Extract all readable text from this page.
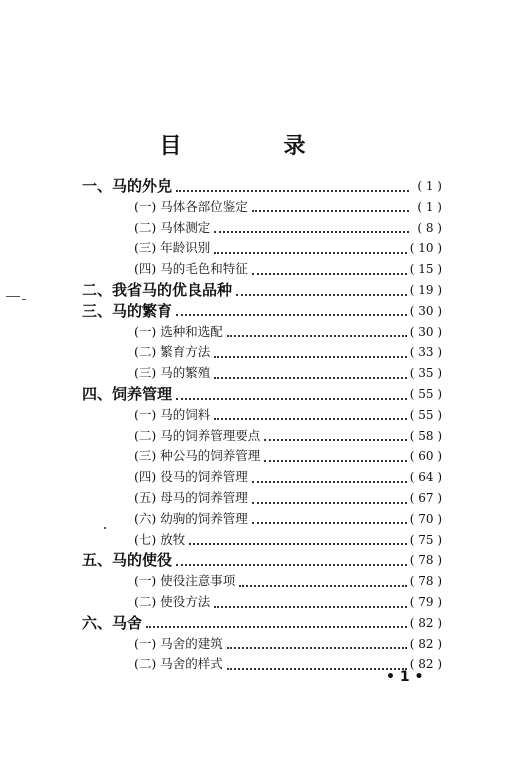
目　录
一、马的外皃	( 1 )
(一) 马体各部位鉴定	( 1 )
(二) 马体测定	( 8 )
(三) 年龄识别	( 10 )
(四) 马的毛色和特征	( 15 )
二、我省马的优良品种	( 19 )
三、马的繁育	( 30 )
(一) 选种和选配	( 30 )
(二) 繁育方法	( 33 )
(三) 马的繁殖	( 35 )
四、饲养管理	( 55 )
(一) 马的饲料	( 55 )
(二) 马的饲养管理要点	( 58 )
(三) 种公马的饲养管理	( 60 )
(四) 役马的饲养管理	( 64 )
(五) 母马的饲养管理	( 67 )
(六) 幼驹的饲养管理	( 70 )
(七) 放牧	( 75 )
五、马的使役	( 78 )
(一) 使役注意事项	( 78 )
(二) 使役方法	( 79 )
六、马舍	( 82 )
(一) 马舍的建筑	( 82 )
(二) 马舍的样式	( 82 )
• 1 •
